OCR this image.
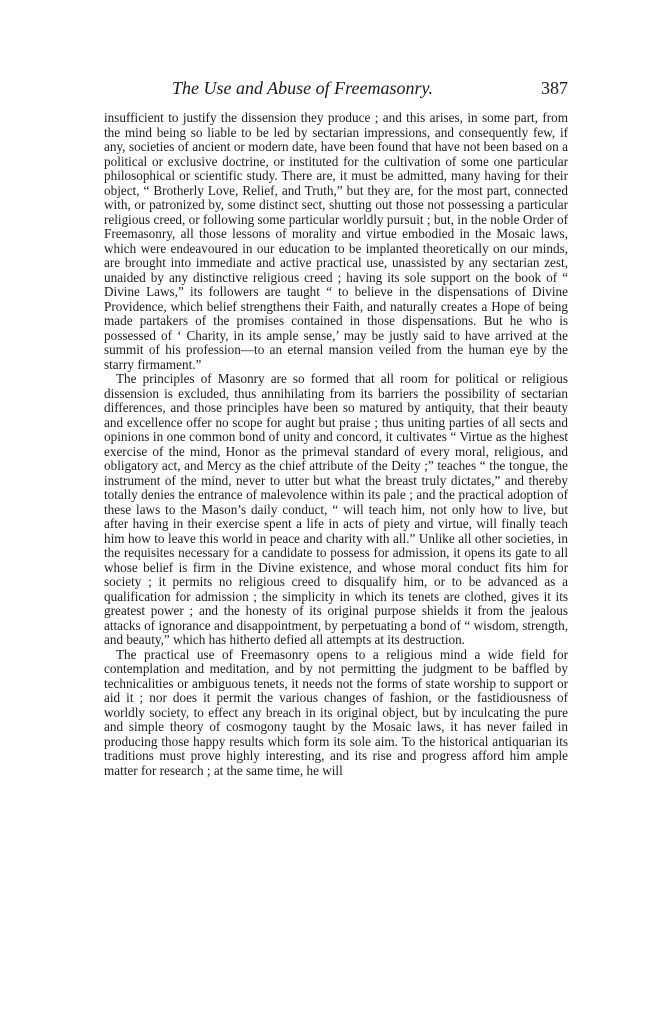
The Use and Abuse of Freemasonry.	387

insufficient to justify the dissension they produce ; and this arises, in some part, from the mind being so liable to be led by sectarian impressions, and consequently few, if any, societies of ancient or modern date, have been found that have not been based on a political or exclusive doctrine, or instituted for the cultivation of some one particular philosophical or scientific study. There are, it must be admitted, many having for their object, “ Brotherly Love, Relief, and Truth,” but they are, for the most part, connected with, or patronized by, some distinct sect, shutting out those not possessing a particular religious creed, or following some particular worldly pursuit ; but, in the noble Order of Freemasonry, all those lessons of morality and virtue embodied in the Mosaic laws, which were endeavoured in our education to be implanted theoretically on our minds, are brought into immediate and active practical use, unassisted by any sectarian zest, unaided by any distinctive religious creed ; having its sole support on the book of “ Divine Laws,” its followers are taught “ to believe in the dispensations of Divine Providence, which belief strengthens their Faith, and naturally creates a Hope of being made partakers of the promises contained in those dispensations. But he who is possessed of ‘ Charity, in its ample sense,’ may be justly said to have arrived at the summit of his profession—to an eternal mansion veiled from the human eye by the starry firmament.”

The principles of Masonry are so formed that all room for political or religious dissension is excluded, thus annihilating from its barriers the possibility of sectarian differences, and those principles have been so matured by antiquity, that their beauty and excellence offer no scope for aught but praise ; thus uniting parties of all sects and opinions in one common bond of unity and concord, it cultivates “ Virtue as the highest exercise of the mind, Honor as the primeval standard of every moral, religious, and obligatory act, and Mercy as the chief attribute of the Deity ;” teaches “ the tongue, the instrument of the mind, never to utter but what the breast truly dictates,” and thereby totally denies the entrance of malevolence within its pale ; and the practical adoption of these laws to the Mason’s daily conduct, “ will teach him, not only how to live, but after having in their exercise spent a life in acts of piety and virtue, will finally teach him how to leave this world in peace and charity with all.” Unlike all other societies, in the requisites necessary for a candidate to possess for admission, it opens its gate to all whose belief is firm in the Divine existence, and whose moral conduct fits him for society ; it permits no religious creed to disqualify him, or to be advanced as a qualification for admission ; the simplicity in which its tenets are clothed, gives it its greatest power ; and the honesty of its original purpose shields it from the jealous attacks of ignorance and disappointment, by perpetuating a bond of “ wisdom, strength, and beauty,” which has hitherto defied all attempts at its destruction.

The practical use of Freemasonry opens to a religious mind a wide field for contemplation and meditation, and by not permitting the judgment to be baffled by technicalities or ambiguous tenets, it needs not the forms of state worship to support or aid it ; nor does it permit the various changes of fashion, or the fastidiousness of worldly society, to effect any breach in its original object, but by inculcating the pure and simple theory of cosmogony taught by the Mosaic laws, it has never failed in producing those happy results which form its sole aim. To the historical antiquarian its traditions must prove highly interesting, and its rise and progress afford him ample matter for research ; at the same time, he will
